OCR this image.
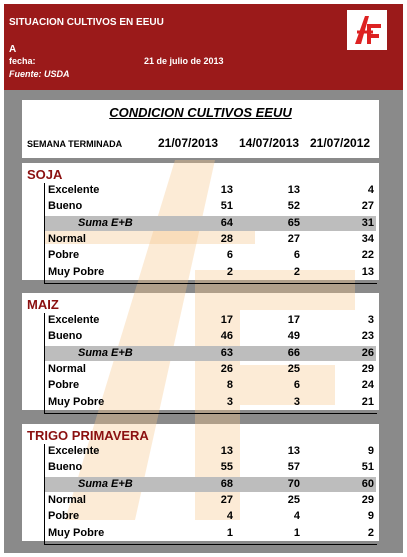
SITUACION CULTIVOS EN EEUU
A
fecha:	21 de julio de 2013
Fuente: USDA
CONDICION CULTIVOS EEUU
SEMANA TERMINADA	21/07/2013 14/07/2013 21/07/2012
SOJA
Excelente	13	13	4
Bueno	51	52	27
Suma E+B	64	65	31
Normal	28	27	34
Pobre	6	6	22
Muy Pobre	2	2	13
MAIZ
Excelente	17	17	3
Bueno	46	49	23
Suma E+B	63	66	26
Normal	26	25	29
Pobre	8	6	24
Muy Pobre	3	3	21
TRIGO PRIMAVERA
Excelente	13	13	9
Bueno	55	57	51
Suma E+B	68	70	60
Normal	27	25	29
Pobre	4	4	9
Muy Pobre	1	1	2
